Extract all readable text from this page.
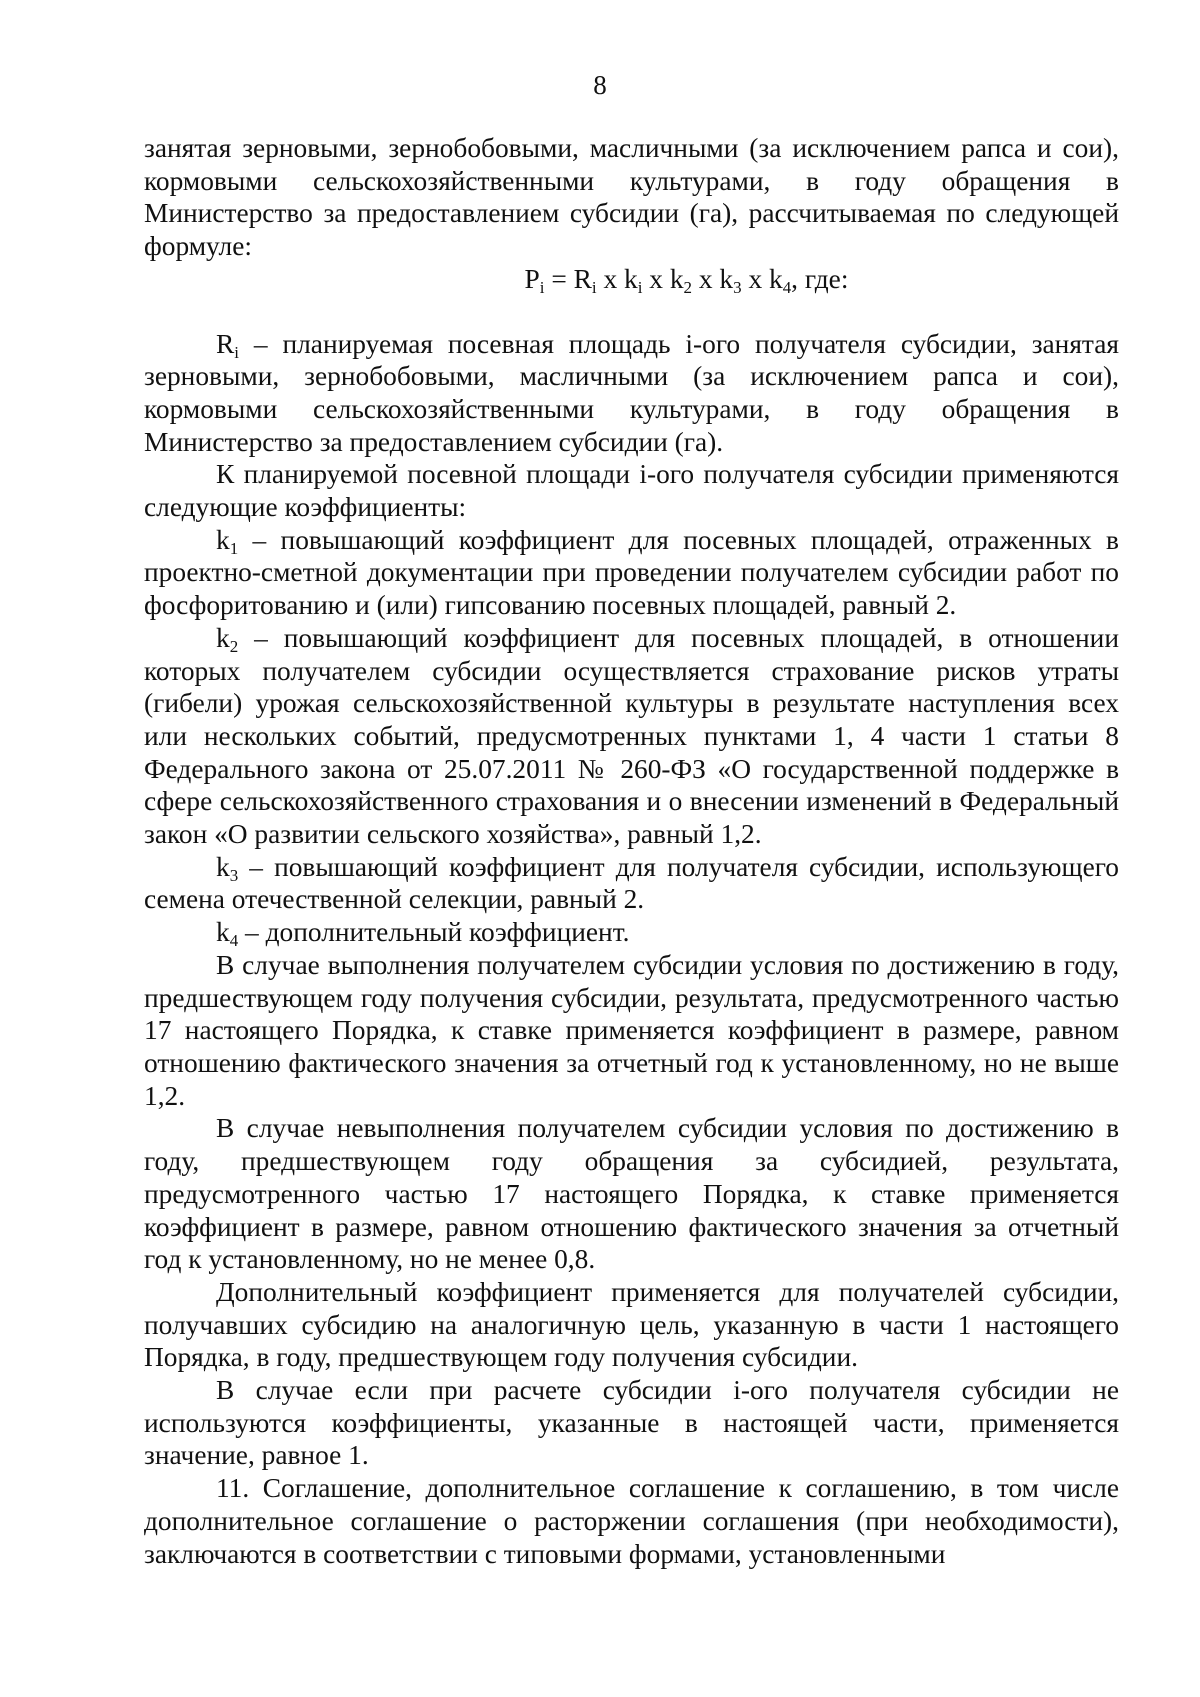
8

занятая зерновыми, зернобобовыми, масличными (за исключением рапса и сои), кормовыми сельскохозяйственными культурами, в году обращения в Министерство за предоставлением субсидии (га), рассчитываемая по следующей формуле:

$P_i = R_i$ x $k_i$ x $k_2$ x $k_3$ x $k_4$, где:

$R_i$ – планируемая посевная площадь i-ого получателя субсидии, занятая зерновыми, зернобобовыми, масличными (за исключением рапса и сои), кормовыми сельскохозяйственными культурами, в году обращения в Министерство за предоставлением субсидии (га).

К планируемой посевной площади i-ого получателя субсидии применяются следующие коэффициенты:

$k_1$ – повышающий коэффициент для посевных площадей, отраженных в проектно-сметной документации при проведении получателем субсидии работ по фосфоритованию и (или) гипсованию посевных площадей, равный 2.

$k_2$ – повышающий коэффициент для посевных площадей, в отношении которых получателем субсидии осуществляется страхование рисков утраты (гибели) урожая сельскохозяйственной культуры в результате наступления всех или нескольких событий, предусмотренных пунктами 1, 4 части 1 статьи 8 Федерального закона от 25.07.2011 № 260-ФЗ «О государственной поддержке в сфере сельскохозяйственного страхования и о внесении изменений в Федеральный закон «О развитии сельского хозяйства», равный 1,2.

$k_3$ – повышающий коэффициент для получателя субсидии, использующего семена отечественной селекции, равный 2.

$k_4$ – дополнительный коэффициент.

В случае выполнения получателем субсидии условия по достижению в году, предшествующем году получения субсидии, результата, предусмотренного частью 17 настоящего Порядка, к ставке применяется коэффициент в размере, равном отношению фактического значения за отчетный год к установленному, но не выше 1,2.

В случае невыполнения получателем субсидии условия по достижению в году, предшествующем году обращения за субсидией, результата, предусмотренного частью 17 настоящего Порядка, к ставке применяется коэффициент в размере, равном отношению фактического значения за отчетный год к установленному, но не менее 0,8.

Дополнительный коэффициент применяется для получателей субсидии, получавших субсидию на аналогичную цель, указанную в части 1 настоящего Порядка, в году, предшествующем году получения субсидии.

В случае если при расчете субсидии i-ого получателя субсидии не используются коэффициенты, указанные в настоящей части, применяется значение, равное 1.

11. Соглашение, дополнительное соглашение к соглашению, в том числе дополнительное соглашение о расторжении соглашения (при необходимости), заключаются в соответствии с типовыми формами, установленными
